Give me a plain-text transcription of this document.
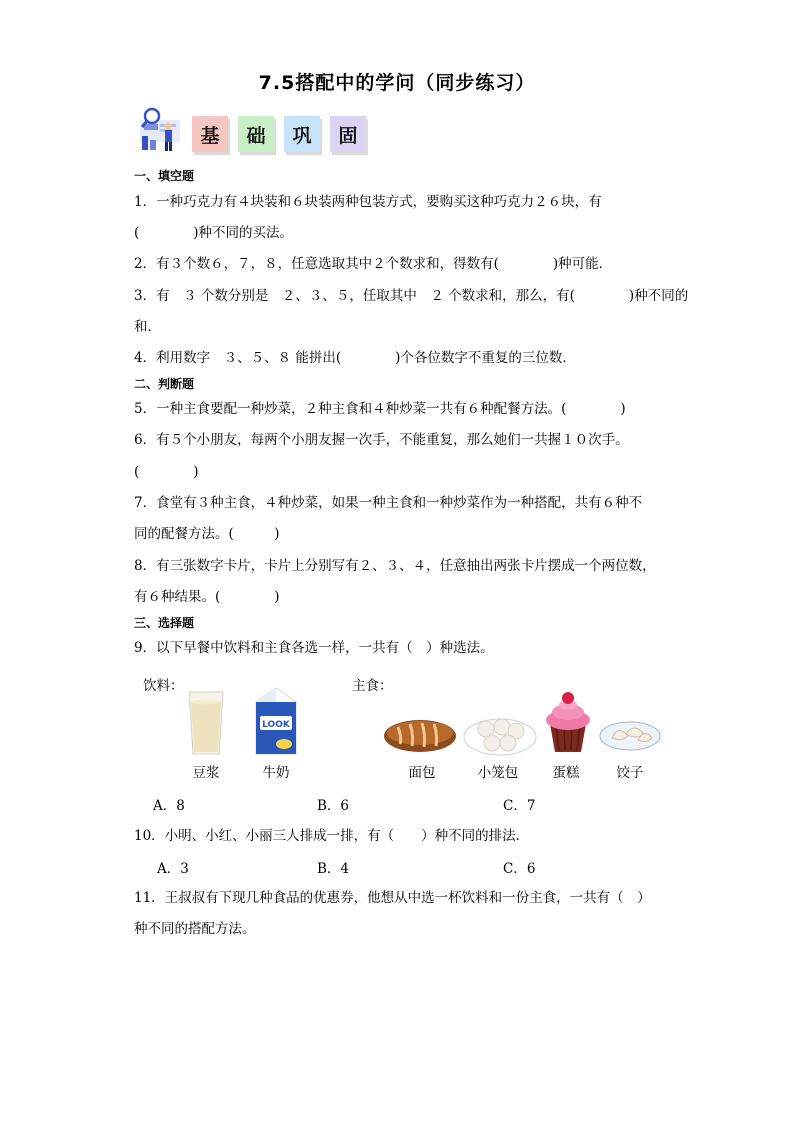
7.5搭配中的学问（同步练习）
基	础	巩	固
一、填空题
1．一种巧克力有４块装和６块装两种包装方式，要购买这种巧克力２６块，有
(　　　　)种不同的买法。
2．有３个数６，７，８，任意选取其中２个数求和，得数有(　　　　)种可能．
3．有　３ 个数分别是　２、３、５，任取其中　２ 个数求和，那么，有(　　　　)种不同的
和．
4．利用数字　３、５、８ 能拼出(　　　　)个各位数字不重复的三位数．
二、判断题
5．一种主食要配一种炒菜，２种主食和４种炒菜一共有６种配餐方法。(　　　　)
6．有５个小朋友，每两个小朋友握一次手，不能重复，那么她们一共握１０次手。
(　　　　)
7．食堂有３种主食，４种炒菜，如果一种主食和一种炒菜作为一种搭配，共有６种不
同的配餐方法。(　　　)
8．有三张数字卡片，卡片上分别写有２、３、４，任意抽出两张卡片摆成一个两位数，
有６种结果。(　　　　)
三、选择题
9．以下早餐中饮料和主食各选一样，一共有（　）种选法。
饮料：	主食：
LOOK
豆浆	牛奶	面包	小笼包	蛋糕	饺子
A．8	B．6	C．7
10．小明、小红、小丽三人排成一排，有（　　）种不同的排法．
A．3	B．4	C．6
11．王叔叔有下现几种食品的优惠券，他想从中选一杯饮料和一份主食，一共有（　）
种不同的搭配方法。
